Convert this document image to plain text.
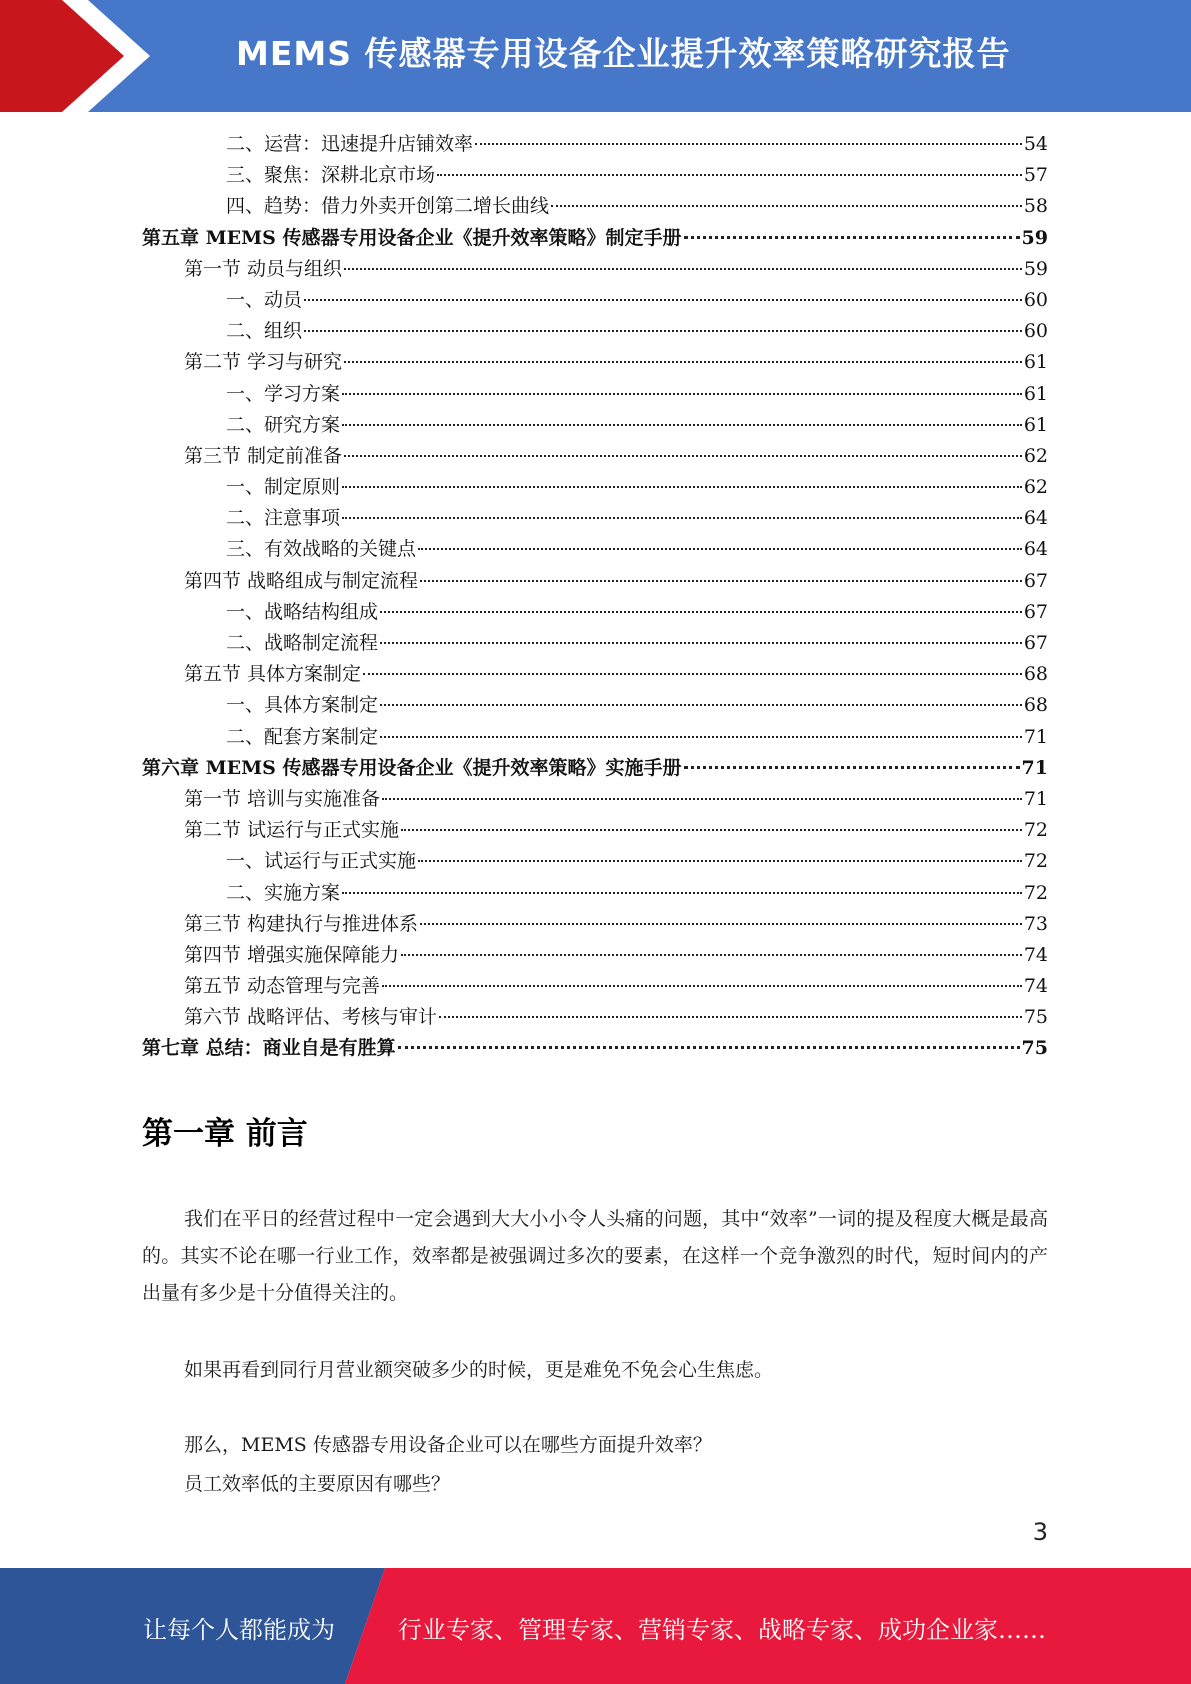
MEMS 传感器专用设备企业提升效率策略研究报告
二、运营：迅速提升店铺效率	54
三、聚焦：深耕北京市场	57
四、趋势：借力外卖开创第二增长曲线	58
第五章 MEMS 传感器专用设备企业《提升效率策略》制定手册	59
第一节 动员与组织	59
一、动员	60
二、组织	60
第二节 学习与研究	61
一、学习方案	61
二、研究方案	61
第三节 制定前准备	62
一、制定原则	62
二、注意事项	64
三、有效战略的关键点	64
第四节 战略组成与制定流程	67
一、战略结构组成	67
二、战略制定流程	67
第五节 具体方案制定	68
一、具体方案制定	68
二、配套方案制定	71
第六章 MEMS 传感器专用设备企业《提升效率策略》实施手册	71
第一节 培训与实施准备	71
第二节 试运行与正式实施	72
一、试运行与正式实施	72
二、实施方案	72
第三节 构建执行与推进体系	73
第四节 增强实施保障能力	74
第五节 动态管理与完善	74
第六节 战略评估、考核与审计	75
第七章 总结：商业自是有胜算	75
第一章 前言

我们在平日的经营过程中一定会遇到大大小小令人头痛的问题，其中“效率”一词的提及程度大概是最高的。其实不论在哪一行业工作，效率都是被强调过多次的要素，在这样一个竞争激烈的时代，短时间内的产出量有多少是十分值得关注的。

如果再看到同行月营业额突破多少的时候，更是难免不免会心生焦虑。

那么，MEMS 传感器专用设备企业可以在哪些方面提升效率？

员工效率低的主要原因有哪些？

3
让每个人都能成为	行业专家、管理专家、营销专家、战略专家、成功企业家……
